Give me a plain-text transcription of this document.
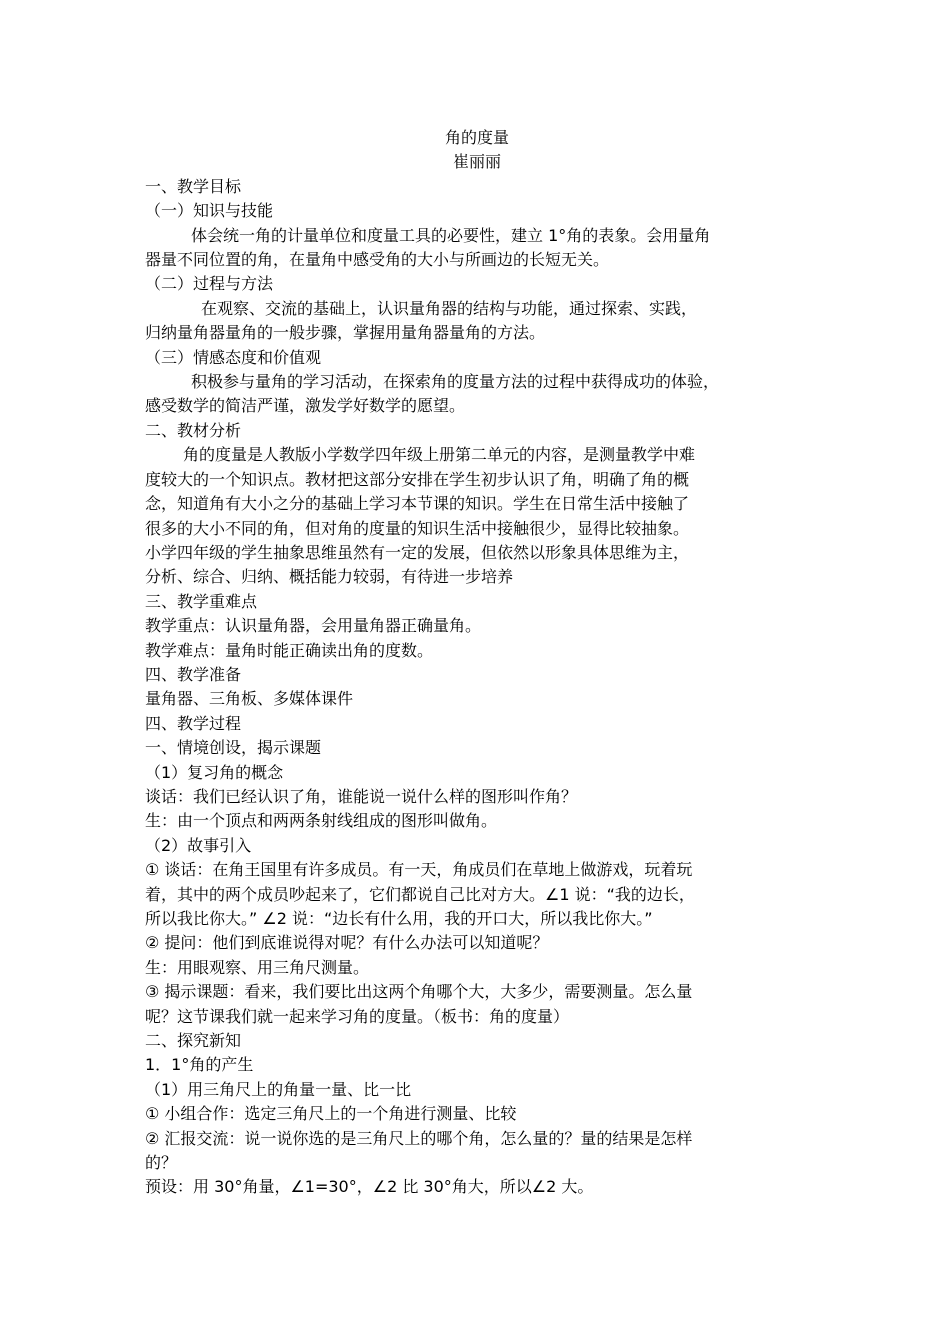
角的度量
崔丽丽
一、教学目标
（一）知识与技能
体会统一角的计量单位和度量工具的必要性，建立 1°角的表象。会用量角
器量不同位置的角，在量角中感受角的大小与所画边的长短无关。
（二）过程与方法
在观察、交流的基础上，认识量角器的结构与功能，通过探索、实践，
归纳量角器量角的一般步骤，掌握用量角器量角的方法。
（三）情感态度和价值观
积极参与量角的学习活动，在探索角的度量方法的过程中获得成功的体验，
感受数学的简洁严谨，激发学好数学的愿望。
二、教材分析
角的度量是人教版小学数学四年级上册第二单元的内容，是测量教学中难
度较大的一个知识点。教材把这部分安排在学生初步认识了角，明确了角的概
念，知道角有大小之分的基础上学习本节课的知识。学生在日常生活中接触了
很多的大小不同的角，但对角的度量的知识生活中接触很少，显得比较抽象。
小学四年级的学生抽象思维虽然有一定的发展，但依然以形象具体思维为主，
分析、综合、归纳、概括能力较弱，有待进一步培养
三、教学重难点
教学重点：认识量角器，会用量角器正确量角。
教学难点：量角时能正确读出角的度数。
四、教学准备
量角器、三角板、多媒体课件
四、教学过程
一、情境创设，揭示课题
（1）复习角的概念
谈话：我们已经认识了角，谁能说一说什么样的图形叫作角？
生：由一个顶点和两两条射线组成的图形叫做角。
（2）故事引入
① 谈话：在角王国里有许多成员。有一天，角成员们在草地上做游戏，玩着玩
着，其中的两个成员吵起来了，它们都说自己比对方大。∠1 说：“我的边长，
所以我比你大。” ∠2 说：“边长有什么用，我的开口大，所以我比你大。”
② 提问：他们到底谁说得对呢？有什么办法可以知道呢？
生：用眼观察、用三角尺测量。
③ 揭示课题：看来，我们要比出这两个角哪个大，大多少，需要测量。怎么量
呢？这节课我们就一起来学习角的度量。（板书：角的度量）
二、探究新知
1．1°角的产生
（1）用三角尺上的角量一量、比一比
① 小组合作：选定三角尺上的一个角进行测量、比较
② 汇报交流：说一说你选的是三角尺上的哪个角，怎么量的？量的结果是怎样
的？
预设：用 30°角量，∠1=30°，∠2 比 30°角大，所以∠2 大。
